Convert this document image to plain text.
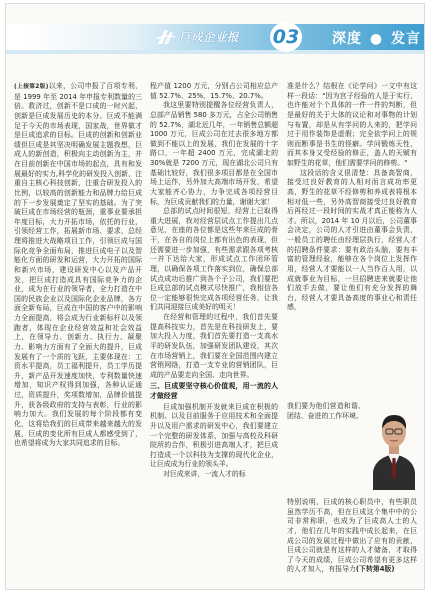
巨成企业报 03 深度 ● 发言

(上接第2版)以来，公司申报了百项专利，是 1999 年至 2014 年申报专利数量的三倍。救济过，创新不是口成的一时兴起，创新是巨成发展历史的本分。巨成不能满足于今天的市场表现，国家战，世界做才是巨成追求的目标。巨成的创新和创新业绩但巨成是其坚决明确发展主题我想，巨成人的新创造，积极向主动创新为主，并在目前创新在中国市场的起点，具有和发展最好的实力,科学化的研发投入创新，注重自主核心科技创新，注重合研发投入的比例，以较高的创新能力和品牌力给巨成的下一步发展奠定了坚实的基础。为了突破巨成在市场经营的瓶颈，重事业要承担年度目标，大力开拓市场，依托的行业，引领经营工作，拓展新市场、要求，总经理将推进大战略项目工作，引领巨成与国际化竞争全面布局，推进巨成电子以及智能化方面的研发和运营，大力开拓的国际和新兴市场，建设研发中心以及产品开发，把巨成打造成具有国际竞争力的企业，成为在行业的领导者，全力打造在中国的民族企业以及国际化企业品牌，各方面全新布局，巨成在中国的客户中的影响力全面提高，将会成为行业新标杆以及领跑者，体现在企业经营效益和社会效益上，在领导力、创新力、执行力、凝聚力、影响力方面有了全面大的提升，巨成发展有了一个质的飞跃，主要体现在：工资水平提高，员工福利提升，员工学历提升，新产品开发速度加快，专利数量快速增加，知识产权得到加强，各种认证通过，资质提升，奖项数增加，品牌价值提升，获各级政府的支持与表彰，行业的影响力加大。我们发展的每个阶段都有变化，这将给我们的巨成带来越来越大的发展，巨成的变化所有巨成人都感受到了，也希望将成为大家共同追求的目标。

程产值 1200 万元，分别占公司相应总产值 52.7%、25%、15.7%、20.7%。

我这里要特别提醒各位经营负责人，总部产品销售 580 多万元，占全公司销售的 52.7%，湖北近几年，一年销售总额超 1000 万元，巨成公司在过去很多地方都做到不能以上的发展，我们在发展的十字路口，一年超 2400 万元，完成湖北的 30%就是 7200 万元，现在湖北公司只有基础比较好，我们很多项目都是在全国市场上运作，另外加大高端市场开发，希望大家能齐心协力，力争完成各项经营目标，为巨成贡献我们的力量，谢谢大家！

总部的试点时间很短，经营上已取得重大进展，我对经营层试点工作提出几点意见，在座的各位都是这些年来巨成的骨干，在各自的岗位上都有出色的表现，但还需要进一步加强，有些需求跟各项考核一并下达给大家，形成试点工作闭环管理，以确保各项工作落实到位，确保总部试点成功后推广到各个子公司，我们要把巨成总部的试点模式尽快推广，我相信各位一定能够很快完成各项经营任务，让我们共同迎接巨成美好的明天！

在经营和管理的过程中，我们首先要提高科技实力，首先是在科技研发上，要加大投入力度，我们首先要打造一支高水平的研发队伍，加强研发团队建设，其次在市场营销上，我们要在全国范围内建立营销网络，打造一支专业的营销团队，巨成的产品要走向全国、走向世界。

三、巨成要坚守核心价值观，用一流的人才做经营

巨成加强机制开发就来巨成在积极的机制、以及目前服务于应用技术和全面提升以及用户需求的研发中心，我们要建立一个完整的研发体系，加强与高校及科研院所的合作，积极引进高端人才，把巨成打造成一个以科技为支撑的现代化企业，让巨成成为行业的领头羊。

对巨成来讲，一流人才的标

准是什么？结根在《论学问》一文中有这样一段话："因为宫子经验的人是于实行，也许能对个个具体的一件一件的判断，但是最好的关于大体的议论和对事物的计划与布置，却是从有学问的人来的，把学问过于用作装饰是虚假；完全依学问上的规则而断事是书生的怪癖。学问锻炼天性，而其本身又受经验的修正，盖人的天赋有如野生的花草，他们需要学问的修剪。"

这段话的含义很清楚：具备高智商，接受过良好教育的人相对而言成功率更高，野生的花草不经修剪和养成表将根本相对低一些，另外高智商接受过良好教育后再经过一段时间的实战才真正能称为人才。所以，2014 年 10 月以后，公司董事会决定，公司的人才引进由董事会负责，一般员工的聘任由经理层执行，经营人才的招聘条件要求：要有政治头脑，要有丰富的管理经验，能够在各个岗位上发挥作用，经营人才要能以一人当作百人用，以成就事业为目标，一旦招聘进来就要让他们放手去做，要让他们有充分发挥的舞台，经营人才要具备高度的事业心和责任感，

我们要为他们营造和谐、团结、奋进的工作环境。

特别说明，巨成的核心职员中，有些职员虽然学历不高，但在巨成这个集中中的公司非常称职，也成为了巨成高人士的人才，他们在几年的实践中成长起来，在巨成公司的发展过程中做出了应有的贡献，巨成公司就是有这样的人才储备，才取得了今天的成绩，巨成公司希望有更多这样的人才加入，有报导力(下转第4版)
